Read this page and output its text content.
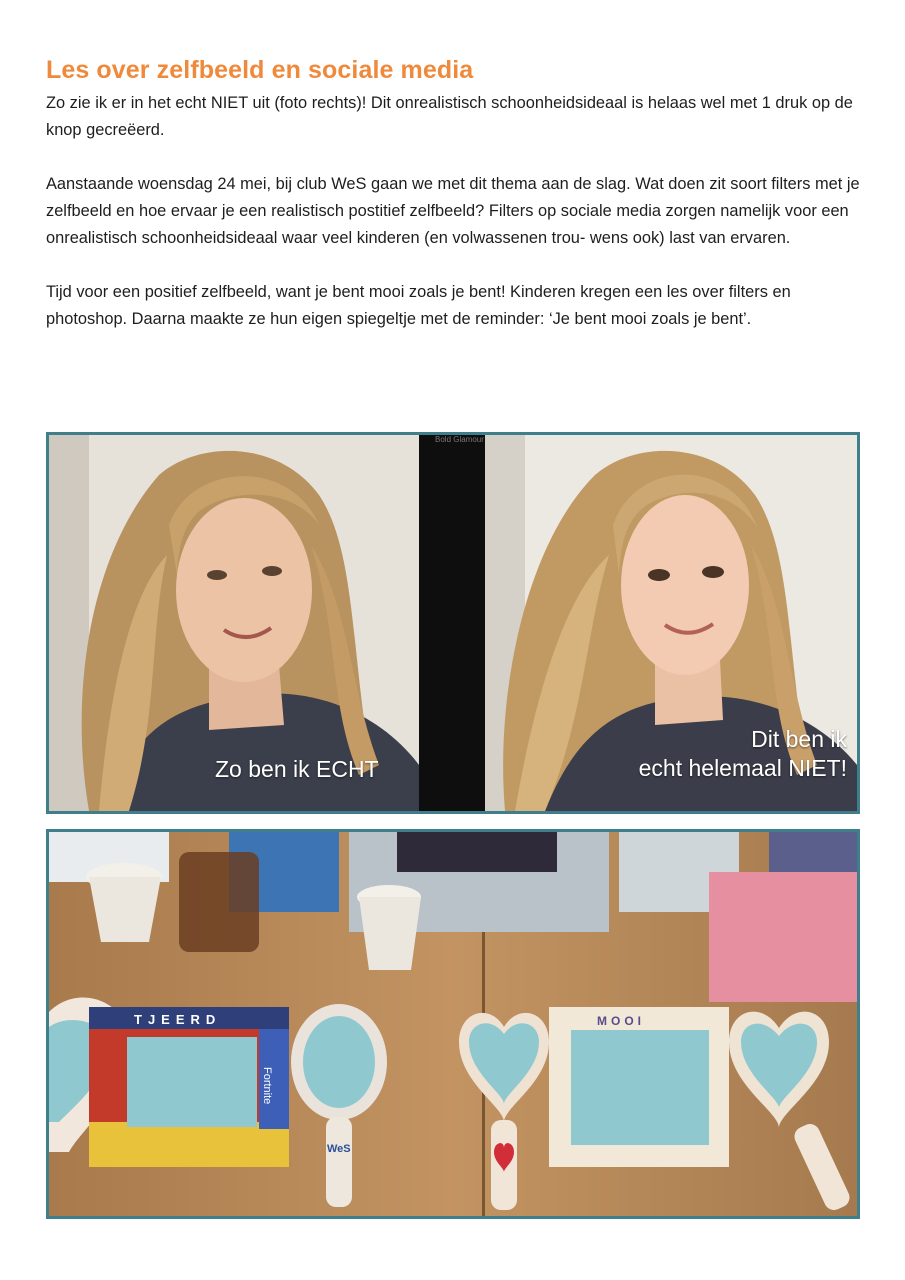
Les over zelfbeeld en sociale media

Zo zie ik er in het echt NIET uit (foto rechts)! Dit onrealistisch schoonheidsideaal is helaas wel met 1 druk op de knop gecreëerd.

Aanstaande woensdag 24 mei, bij club WeS gaan we met dit thema aan de slag. Wat doen zit soort filters met je zelfbeeld en hoe ervaar je een realistisch postitief zelfbeeld? Filters op sociale media zorgen namelijk voor een onrealistisch schoonheidsideaal waar veel kinderen (en volwassenen trou- wens ook) last van ervaren.

Tijd voor een positief zelfbeeld, want je bent mooi zoals je bent! Kinderen kregen een les over filters en photoshop. Daarna maakte ze hun eigen spiegeltje met de reminder: ‘Je bent mooi zoals je bent’.

Zo ben ik ECHT
Bold Glamour
Dit ben ik
echt helemaal NIET!
TJEERD
Fortnite
WeS
MOOI
